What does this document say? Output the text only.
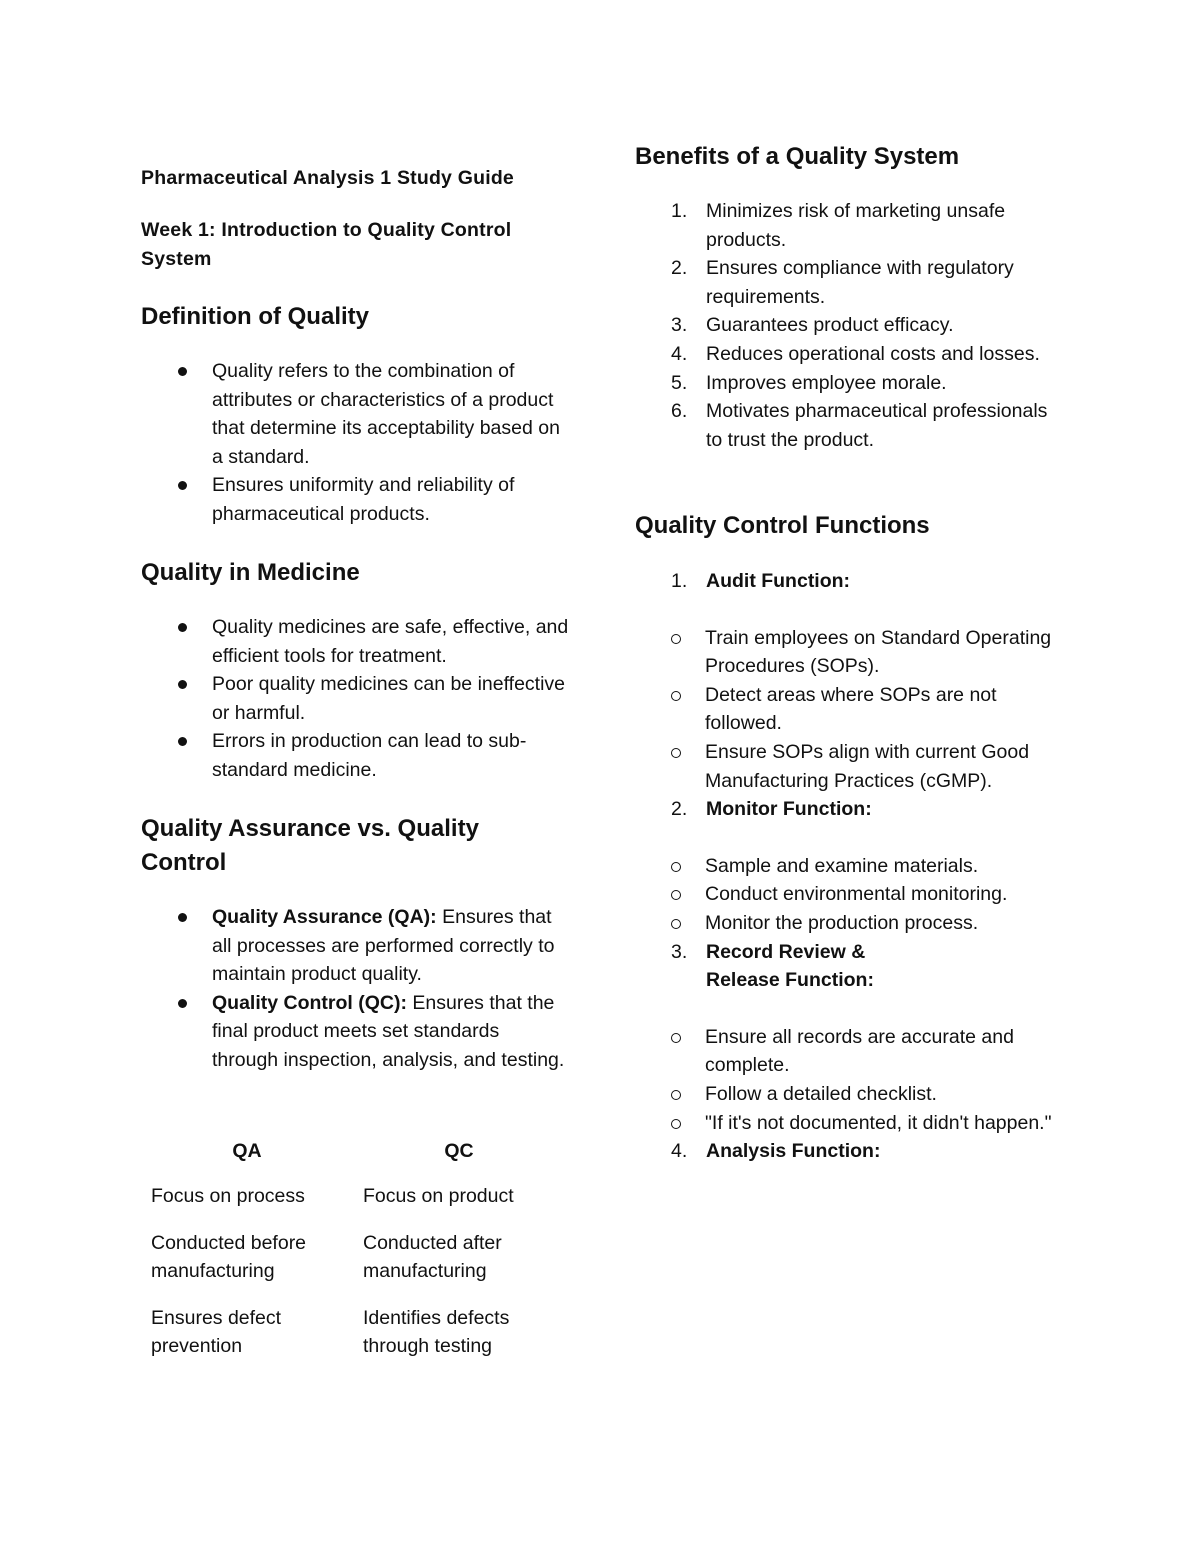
Pharmaceutical Analysis 1 Study Guide

Week 1: Introduction to Quality Control System

Definition of Quality
Quality refers to the combination of attributes or characteristics of a product that determine its acceptability based on a standard.
Ensures uniformity and reliability of pharmaceutical products.
Quality in Medicine
Quality medicines are safe, effective, and efficient tools for treatment.
Poor quality medicines can be ineffective or harmful.
Errors in production can lead to sub-standard medicine.
Quality Assurance vs. Quality Control
Quality Assurance (QA): Ensures that all processes are performed correctly to maintain product quality.
Quality Control (QC): Ensures that the final product meets set standards through inspection, analysis, and testing.
QA	QC

Focus on process	Focus on product
Conducted before manufacturing	Conducted after manufacturing
Ensures defect prevention	Identifies defects through testing
Benefits of a Quality System
1. Minimizes risk of marketing unsafe products.
2. Ensures compliance with regulatory requirements.
3. Guarantees product efficacy.
4. Reduces operational costs and losses.
5. Improves employee morale.
6. Motivates pharmaceutical professionals to trust the product.
Quality Control Functions
1. Audit Function:
Train employees on Standard Operating Procedures (SOPs).
Detect areas where SOPs are not followed.
Ensure SOPs align with current Good Manufacturing Practices (cGMP).
2. Monitor Function:
Sample and examine materials.
Conduct environmental monitoring.
Monitor the production process.
3. Record Review & Release Function:
Ensure all records are accurate and complete.
Follow a detailed checklist.
"If it's not documented, it didn't happen."
4. Analysis Function:
